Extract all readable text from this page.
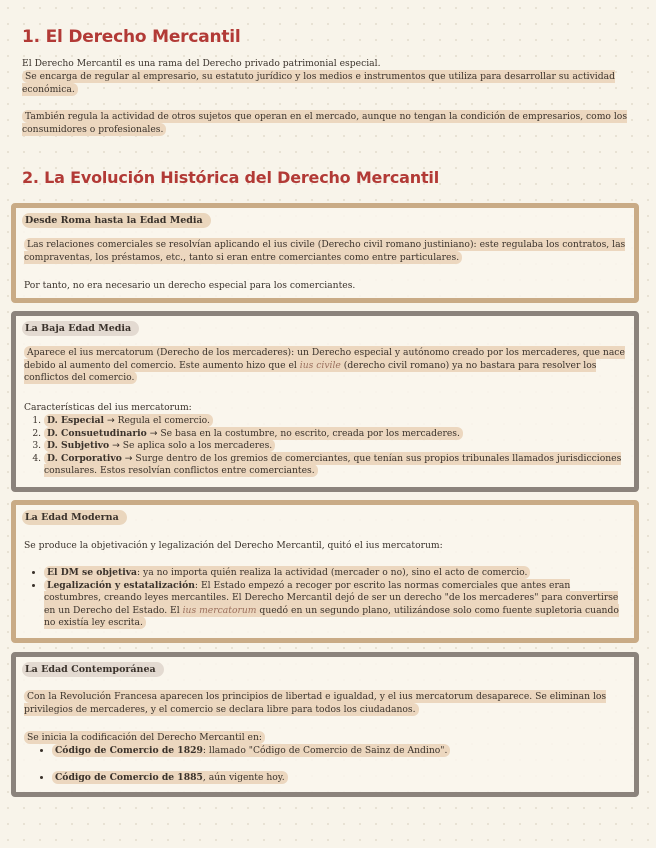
1. El Derecho Mercantil
El Derecho Mercantil es una rama del Derecho privado patrimonial especial.
Se encarga de regular al empresario, su estatuto jurídico y los medios e instrumentos que utiliza para desarrollar su actividad económica.
También regula la actividad de otros sujetos que operan en el mercado, aunque no tengan la condición de empresarios, como los consumidores o profesionales.
2. La Evolución Histórica del Derecho Mercantil
Desde Roma hasta la Edad Media
Las relaciones comerciales se resolvían aplicando el ius civile (Derecho civil romano justiniano): este regulaba los contratos, las compraventas, los préstamos, etc., tanto si eran entre comerciantes como entre particulares.
Por tanto, no era necesario un derecho especial para los comerciantes.
La Baja Edad Media
Aparece el ius mercatorum (Derecho de los mercaderes): un Derecho especial y autónomo creado por los mercaderes, que nace debido al aumento del comercio. Este aumento hizo que el ius civile (derecho civil romano) ya no bastara para resolver los conflictos del comercio.
Características del ius mercatorum:
1. D. Especial → Regula el comercio.
2. D. Consuetudinario → Se basa en la costumbre, no escrito, creada por los mercaderes.
3. D. Subjetivo → Se aplica solo a los mercaderes.
4. D. Corporativo → Surge dentro de los gremios de comerciantes, que tenían sus propios tribunales llamados jurisdicciones consulares. Estos resolvían conflictos entre comerciantes.
La Edad Moderna
Se produce la objetivación y legalización del Derecho Mercantil, quitó el ius mercatorum:
• El DM se objetiva: ya no importa quién realiza la actividad (mercader o no), sino el acto de comercio.
• Legalización y estatalización: El Estado empezó a recoger por escrito las normas comerciales que antes eran costumbres, creando leyes mercantiles. El Derecho Mercantil dejó de ser un derecho "de los mercaderes" para convertirse en un Derecho del Estado. El ius mercatorum quedó en un segundo plano, utilizándose solo como fuente supletoria cuando no existía ley escrita.
La Edad Contemporánea
Con la Revolución Francesa aparecen los principios de libertad e igualdad, y el ius mercatorum desaparece. Se eliminan los privilegios de mercaderes, y el comercio se declara libre para todos los ciudadanos.
Se inicia la codificación del Derecho Mercantil en:
• Código de Comercio de 1829: llamado "Código de Comercio de Sainz de Andino".
• Código de Comercio de 1885, aún vigente hoy.
